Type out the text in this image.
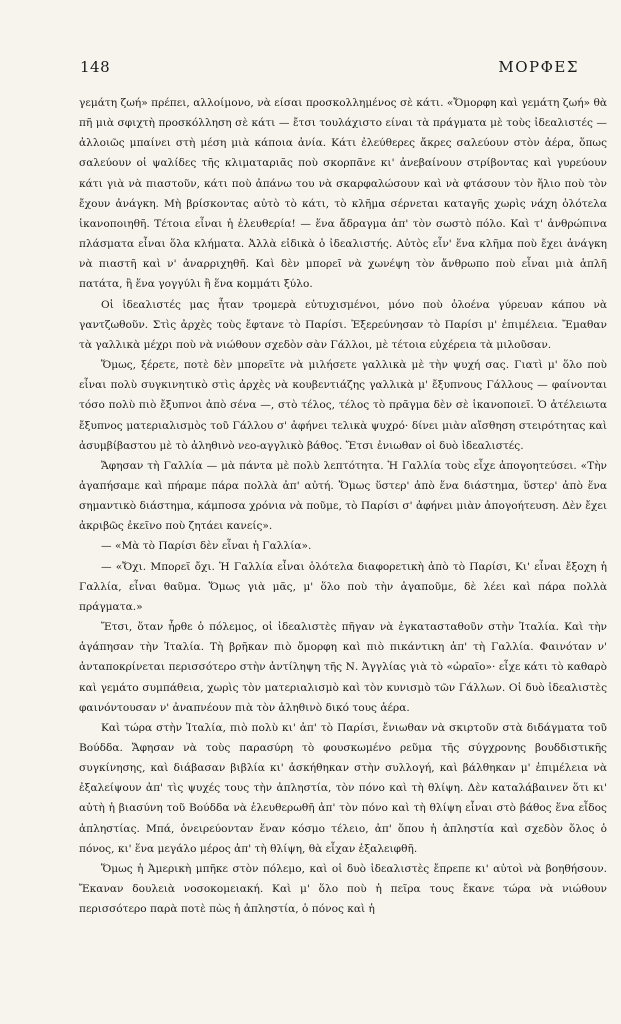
148	ΜΟΡΦΕΣ

γεμάτη ζωή» πρέπει, αλλοίμονο, νὰ είσαι προσκολλημένος σὲ κάτι. «Ὄμορφη καὶ γεμάτη ζωή» θὰ πῆ μιὰ σφιχτὴ προσκόλληση σὲ κάτι — ἔτσι τουλάχιστο είναι τὰ πράγματα μὲ τοὺς ἰδεαλιστές — ἀλλοιῶς μπαίνει στὴ μέση μιὰ κάποια ἀνία. Κάτι ἐλεύθερες ἄκρες σαλεύουν στὸν ἀέρα, ὅπως σαλεύουν οἱ ψαλίδες τῆς κλιματαριᾶς ποὺ σκορπᾶνε κι' ἀνεβαίνουν στρίβοντας καὶ γυρεύουν κάτι γιὰ νὰ πιαστοῦν, κάτι ποὺ ἀπάνω του νὰ σκαρφαλώσουν καὶ νὰ φτάσουν τὸν ἥλιο ποὺ τὸν ἔχουν ἀνάγκη. Μὴ βρίσκοντας αὐτὸ τὸ κάτι, τὸ κλῆμα σέρνεται καταγῆς χωρὶς νάχη ὁλότελα ἱκανοποιηθῆ. Τέτοια εἶναι ἡ ἐλευθερία! — ἕνα ἄδραγμα ἀπ' τὸν σωστὸ πόλο. Καὶ τ' ἀνθρώπινα πλάσματα εἶναι ὅλα κλήματα. Ἀλλὰ εἰδικὰ ὁ ἰδεαλιστής. Αὐτὸς εἶν' ἕνα κλῆμα ποὺ ἔχει ἀνάγκη νὰ πιαστῆ καὶ ν' ἀναρριχηθῆ. Καὶ δὲν μπορεῖ νὰ χωνέψη τὸν ἄνθρωπο ποὺ εἶναι μιὰ ἁπλῆ πατάτα, ἢ ἕνα γογγύλι ἢ ἕνα κομμάτι ξύλο.

Οἱ ἰδεαλιστές μας ἦταν τρομερὰ εὐτυχισμένοι, μόνο ποὺ ὁλοένα γύρευαν κάπου νὰ γαντζωθοῦν. Στὶς ἀρχὲς τοὺς ἔφτανε τὸ Παρίσι. Ἐξερεύνησαν τὸ Παρίσι μ' ἐπιμέλεια. Ἔμαθαν τὰ γαλλικὰ μέχρι ποὺ νὰ νιώθουν σχεδὸν σὰν Γάλλοι, μὲ τέτοια εὐχέρεια τὰ μιλοῦσαν.

Ὅμως, ξέρετε, ποτὲ δὲν μπορεῖτε νὰ μιλήσετε γαλλικὰ μὲ τὴν ψυχή σας. Γιατὶ μ' ὅλο ποὺ εἶναι πολὺ συγκινητικὸ στὶς ἀρχὲς νὰ κουβεντιάζης γαλλικὰ μ' ἔξυπνους Γάλλους — φαίνονται τόσο πολὺ πιὸ ἔξυπνοι ἀπὸ σένα —, στὸ τέλος, τέλος τὸ πρᾶγμα δὲν σὲ ἱκανοποιεῖ. Ὁ ἀτέλειωτα ἔξυπνος ματεριαλισμὸς τοῦ Γάλλου σ' ἀφήνει τελικὰ ψυχρό· δίνει μιὰν αἴσθηση στειρότητας καὶ ἀσυμβίβαστου μὲ τὸ ἀληθινὸ νεο-αγγλικὸ βάθος. Ἔτσι ἐνιωθαν οἱ δυὸ ἰδεαλιστές.

Ἄφησαν τὴ Γαλλία — μὰ πάντα μὲ πολὺ λεπτότητα. Ἡ Γαλλία τοὺς εἶχε ἀπογοητεύσει. «Τὴν ἀγαπήσαμε καὶ πήραμε πάρα πολλὰ ἀπ' αὐτή. Ὅμως ὕστερ' ἀπὸ ἕνα διάστημα, ὕστερ' ἀπὸ ἕνα σημαντικὸ διάστημα, κάμποσα χρόνια νὰ ποῦμε, τὸ Παρίσι σ' ἀφήνει μιὰν ἀπογοήτευση. Δὲν ἔχει ἀκριβῶς ἐκεῖνο ποὺ ζητάει κανείς».

— «Μὰ τὸ Παρίσι δὲν εἶναι ἡ Γαλλία».

— «Ὄχι. Μπορεῖ ὄχι. Ἡ Γαλλία εἶναι ὁλότελα διαφορετικὴ ἀπὸ τὸ Παρίσι, Κι' εἶναι ἔξοχη ἡ Γαλλία, εἶναι θαῦμα. Ὅμως γιὰ μᾶς, μ' ὅλο ποὺ τὴν ἀγαποῦμε, δὲ λέει καὶ πάρα πολλὰ πράγματα.»

Ἔτσι, ὅταν ἦρθε ὁ πόλεμος, οἱ ἰδεαλιστὲς πῆγαν νὰ ἐγκατασταθοῦν στὴν Ἰταλία. Καὶ τὴν ἀγάπησαν τὴν Ἰταλία. Τὴ βρῆκαν πιὸ ὄμορφη καὶ πιὸ πικάντικη ἀπ' τὴ Γαλλία. Φαινόταν ν' ἀνταποκρίνεται περισσότερο στὴν ἀντίληψη τῆς Ν. Ἀγγλίας γιὰ τὸ «ὡραῖο»· εἶχε κάτι τὸ καθαρὸ καὶ γεμάτο συμπάθεια, χωρὶς τὸν ματεριαλισμὸ καὶ τὸν κυνισμὸ τῶν Γάλλων. Οἱ δυὸ ἰδεαλιστὲς φαινόντουσαν ν' ἀναπνέουν πιὰ τὸν ἀληθινὸ δικό τους ἀέρα.

Καὶ τώρα στὴν Ἰταλία, πιὸ πολὺ κι' ἀπ' τὸ Παρίσι, ἔνιωθαν νὰ σκιρτοῦν στὰ διδάγματα τοῦ Βούδδα. Ἄφησαν νὰ τοὺς παρασύρη τὸ φουσκωμένο ρεῦμα τῆς σύγχρονης βουδδιστικῆς συγκίνησης, καὶ διάβασαν βιβλία κι' ἀσκήθηκαν στὴν συλλογή, καὶ βάλθηκαν μ' ἐπιμέλεια νὰ ἐξαλείψουν ἀπ' τὶς ψυχές τους τὴν ἀπληστία, τὸν πόνο καὶ τὴ θλίψη. Δὲν καταλάβαινεν ὅτι κι' αὐτὴ ἡ βιασύνη τοῦ Βούδδα νὰ ἐλευθερωθῆ ἀπ' τὸν πόνο καὶ τὴ θλίψη εἶναι στὸ βάθος ἕνα εἶδος ἀπληστίας. Μπά, ὀνειρεύονταν ἕναν κόσμο τέλειο, ἀπ' ὅπου ἡ ἀπληστία καὶ σχεδὸν ὅλος ὁ πόνος, κι' ἕνα μεγάλο μέρος ἀπ' τὴ θλίψη, θὰ εἶχαν ἐξαλειφθῆ.

Ὅμως ἡ Ἀμερικὴ μπῆκε στὸν πόλεμο, καὶ οἱ δυὸ ἰδεαλιστὲς ἔπρεπε κι' αὐτοὶ νὰ βοηθήσουν. Ἔκαναν δουλειὰ νοσοκομειακή. Καὶ μ' ὅλο ποὺ ἡ πεῖρα τους ἔκανε τώρα νὰ νιώθουν περισσότερο παρὰ ποτὲ πὼς ἡ ἀπληστία, ὁ πόνος καὶ ἡ
